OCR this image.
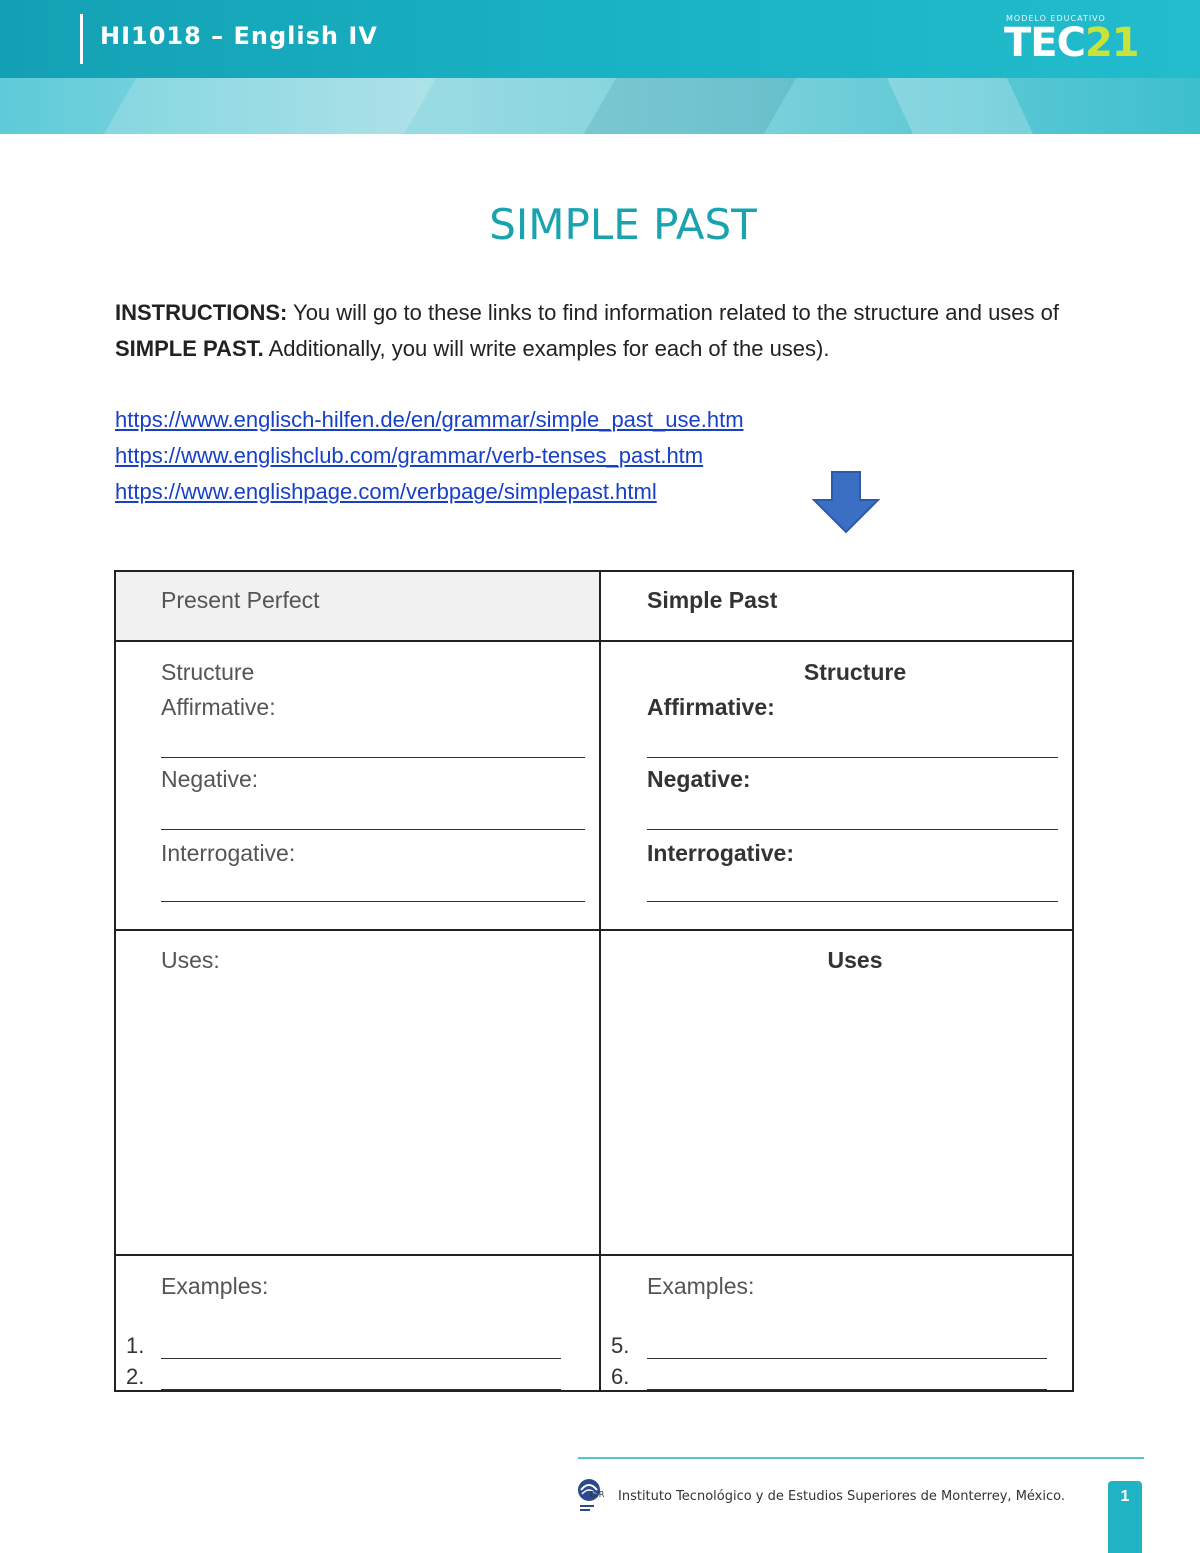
HI1018 – English IV
MODELO EDUCATIVO
TEC21
SIMPLE PAST
INSTRUCTIONS: You will go to these links to find information related to the structure and uses of
SIMPLE PAST. Additionally, you will write examples for each of the uses).
https://www.englisch-hilfen.de/en/grammar/simple_past_use.htm
https://www.englishclub.com/grammar/verb-tenses_past.htm
https://www.englishpage.com/verbpage/simplepast.html
Present Perfect
Structure
Affirmative:
Negative:
Interrogative:
Uses:
Examples:
1.
2.
Simple Past
Structure
Affirmative:
Negative:
Interrogative:
Uses
Examples:
5.
6.
D.R Instituto Tecnológico y de Estudios Superiores de Monterrey, México.	1
